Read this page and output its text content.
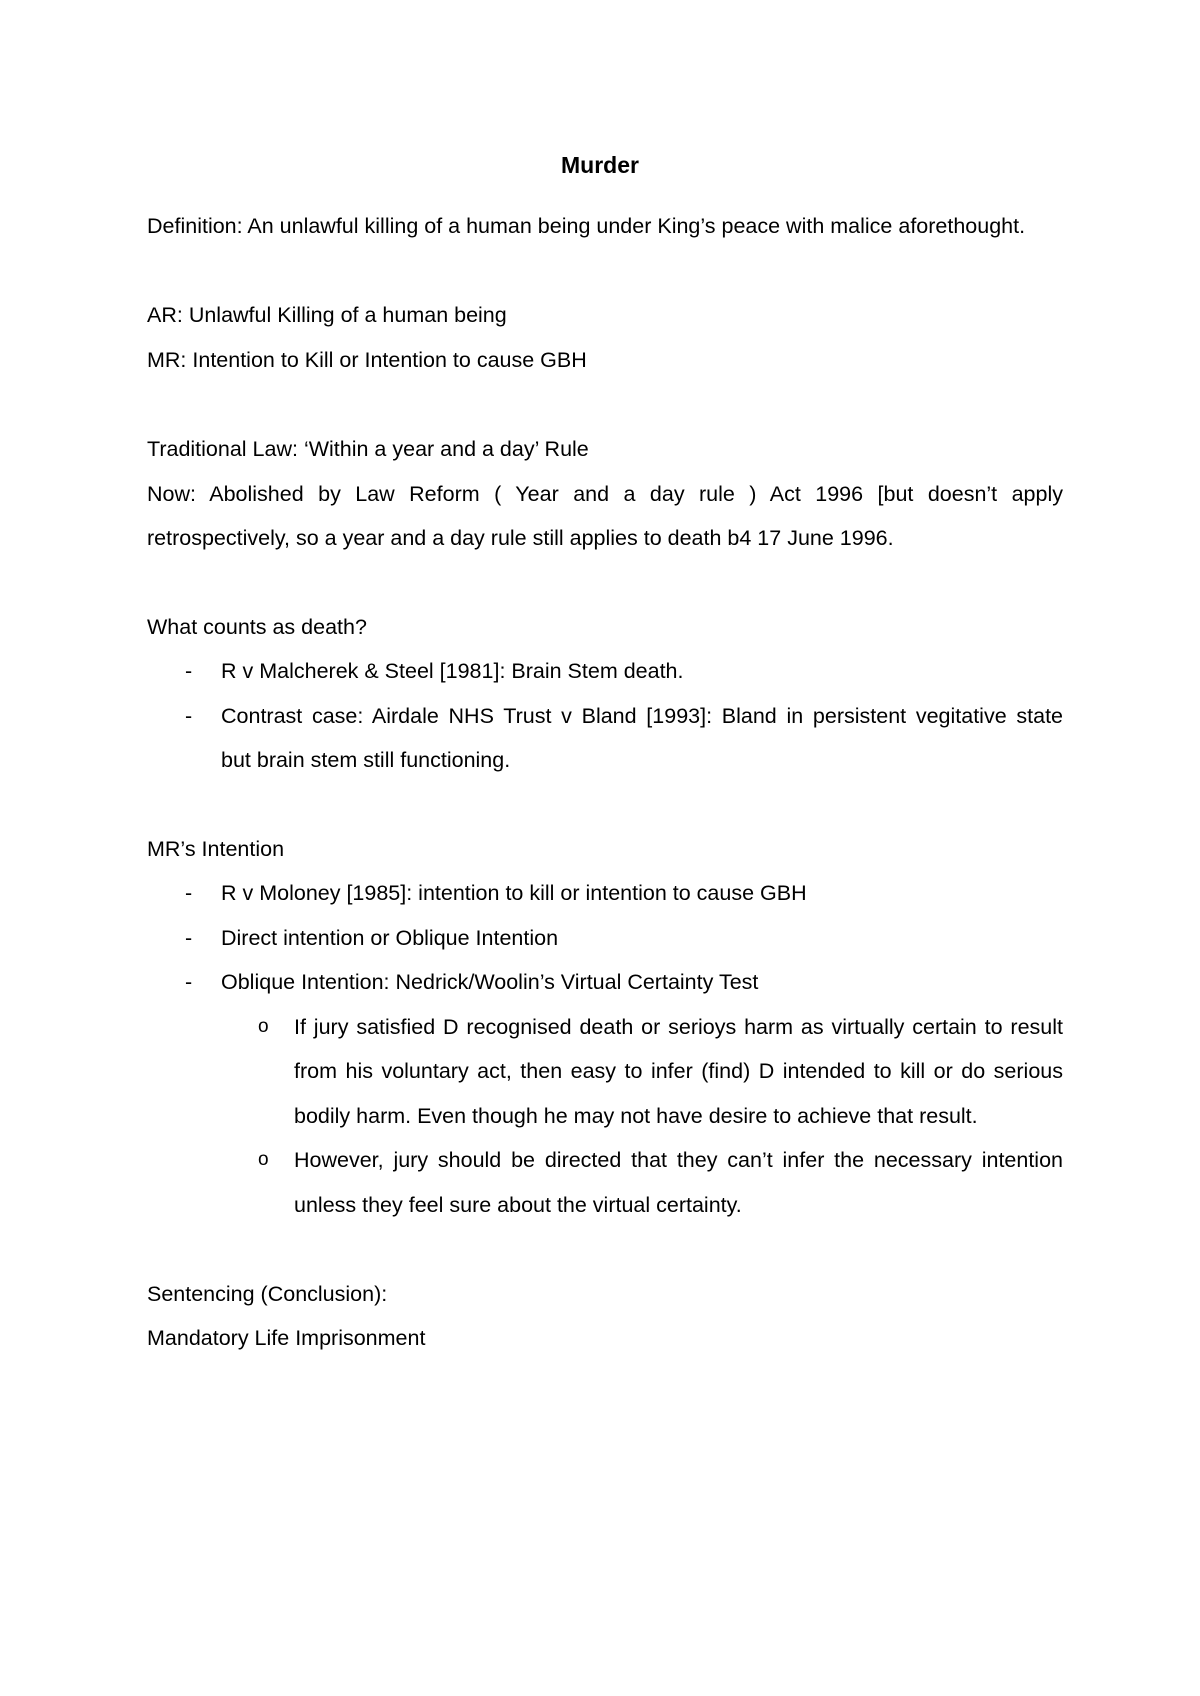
Murder

Definition: An unlawful killing of a human being under King’s peace with malice aforethought.

AR: Unlawful Killing of a human being

MR: Intention to Kill or Intention to cause GBH

Traditional Law: ‘Within a year and a day’ Rule

Now: Abolished by Law Reform ( Year and a day rule ) Act 1996 [but doesn’t apply

retrospectively, so a year and a day rule still applies to death b4 17 June 1996.

What counts as death?

- R v Malcherek & Steel [1981]: Brain Stem death.
- Contrast case: Airdale NHS Trust v Bland [1993]: Bland in persistent vegitative state
but brain stem still functioning.

MR’s Intention

- R v Moloney [1985]: intention to kill or intention to cause GBH
- Direct intention or Oblique Intention
- Oblique Intention: Nedrick/Woolin’s Virtual Certainty Test
o If jury satisfied D recognised death or serioys harm as virtually certain to result
from his voluntary act, then easy to infer (find) D intended to kill or do serious
bodily harm. Even though he may not have desire to achieve that result.
o However, jury should be directed that they can’t infer the necessary intention
unless they feel sure about the virtual certainty.

Sentencing (Conclusion):

Mandatory Life Imprisonment
